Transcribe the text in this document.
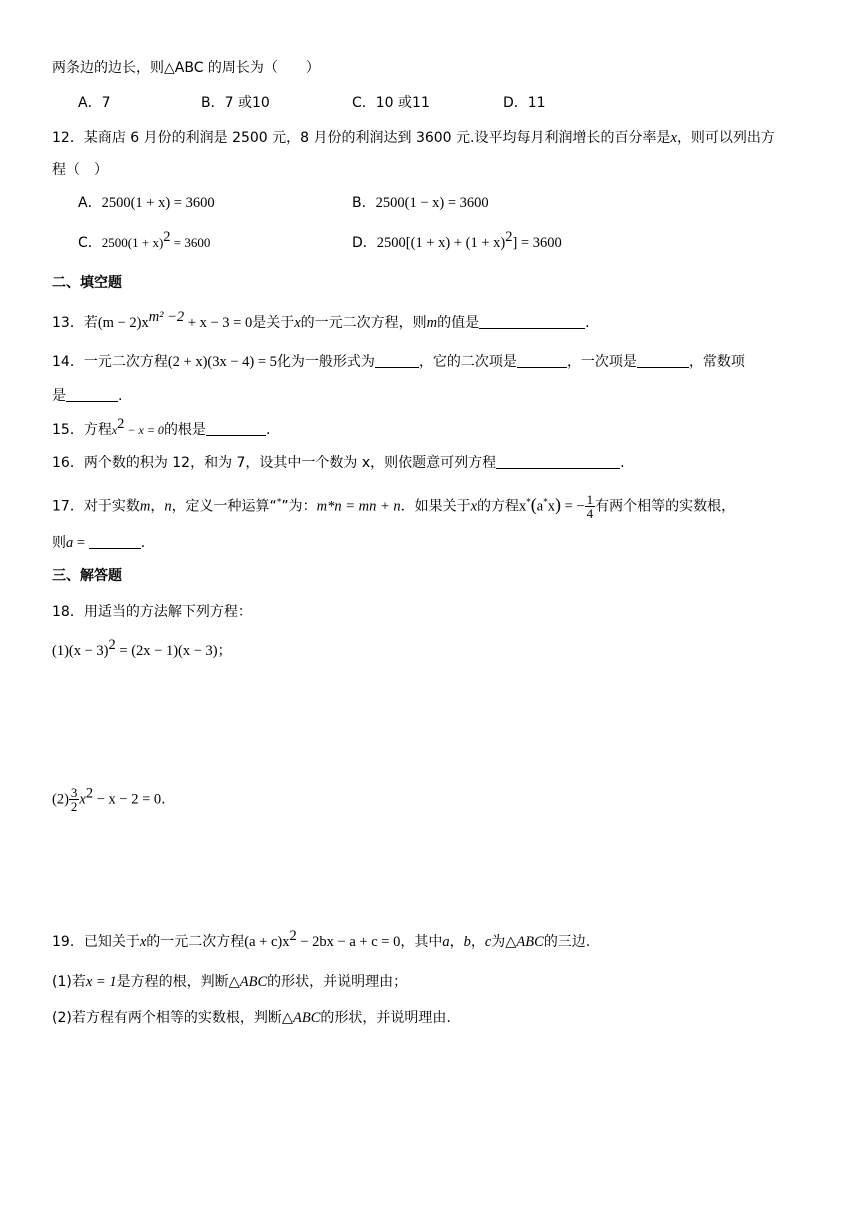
两条边的边长，则△ABC 的周长为（　　）
A．7	B．7 或10	C．10 或11	D．11
12．某商店 6 月份的利润是 2500 元，8 月份的利润达到 3600 元.设平均每月利润增长的百分率是x，则可以列出方
程（　）
A．2500(1 + x) = 3600	B．2500(1 − x) = 3600
C．$2500(1 + x)^2 = 3600$	D．$2500[(1 + x) + (1 + x)^2] = 3600$
二、填空题
13．若$(m - 2)x^{m^2 -2} + x - 3 = 0$是关于x的一元二次方程，则m的值是	.
14．一元二次方程(2 + x)(3x − 4) = 5化为一般形式为	，它的二次项是	，一次项是	，常数项
是	.
15．方程$x^2 - x = 0$的根是	.
16．两个数的积为 12，和为 7，设其中一个数为 x，则依题意可列方程	.
17．对于实数m，n，定义一种运算“*”为：m*n = mn + n．如果关于x的方程x*(a*x) = − $\frac{1}{4}$ 有两个相等的实数根，
则a =	.
三、解答题
18．用适当的方法解下列方程：
$(1)(x - 3)^2 = (2x - 1)(x - 3)$；
$(2) \frac{3}{2} x^2 - x - 2 = 0$.
19．已知关于x的一元二次方程$(a + c)x^2 - 2bx - a + c = 0$，其中a，b，c为△ABC的三边.
(1)若x = 1是方程的根，判断△ABC的形状，并说明理由；
(2)若方程有两个相等的实数根，判断△ABC的形状，并说明理由.
